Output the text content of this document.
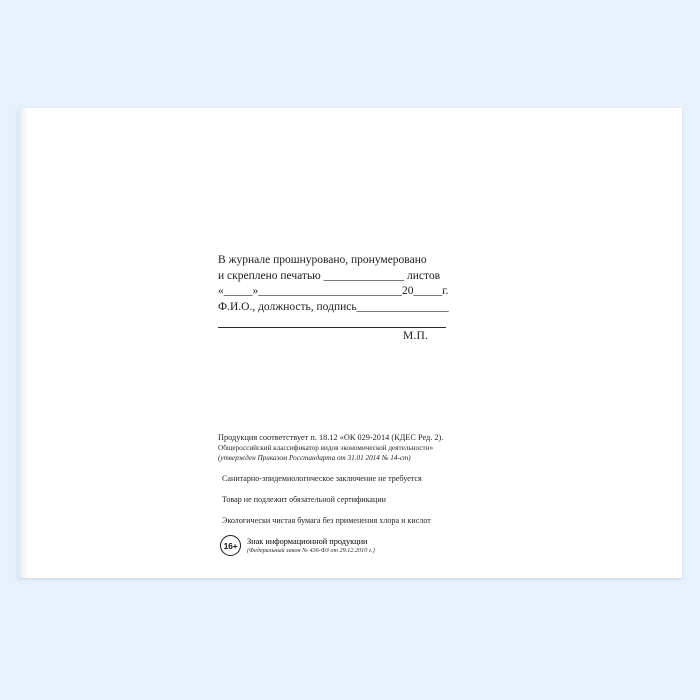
В журнале прошнуровано, пронумеровано
и скреплено печатью ______________ листов
«_____»_________________________20_____г.
Ф.И.О., должность, подпись________________
М.П.
Продукция соответствует п. 18.12 «ОК 029-2014 (КДЕС Ред. 2).
Общероссийский классификатор видов экономической деятельности»
(утвержден Приказом Росстандарта от 31.01 2014 № 14-ст)
Санитарно-эпидемиологическое заключение не требуется
Товар не подлежит обязательной сертификации
Экологически чистая бумага без применения хлора и кислот
16+	Знак информационной продукции
(Федеральный закон № 436-ФЗ от 29.12.2010 г.)
